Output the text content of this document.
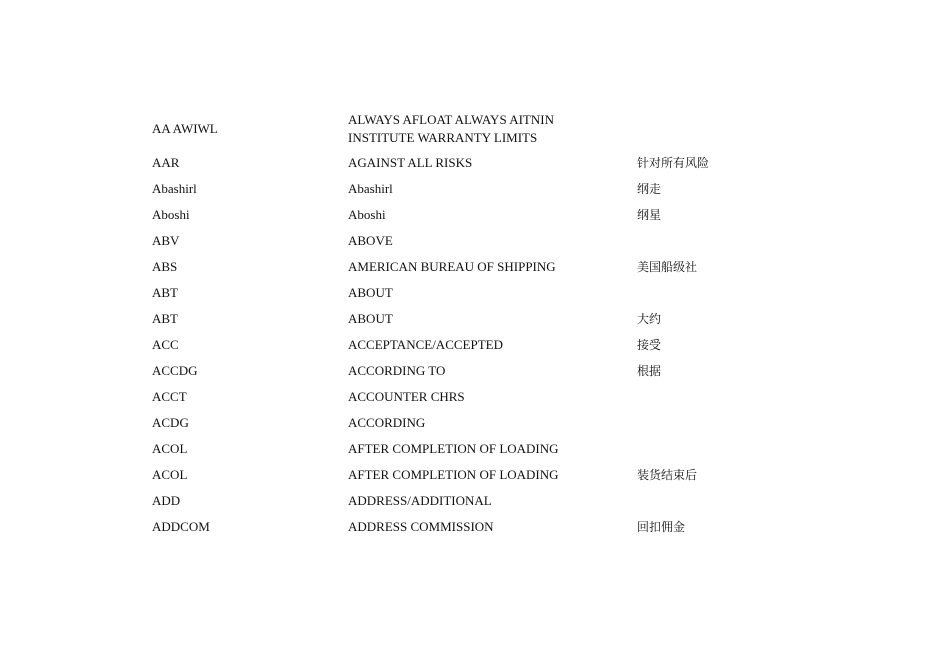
AA AWIWL	ALWAYS AFLOAT ALWAYS AITNIN INSTITUTE WARRANTY LIMITS	

AAR	AGAINST ALL RISKS	针对所有风险
Abashirl	Abashirl	纲走
Aboshi	Aboshi	纲星
ABV	ABOVE	
ABS	AMERICAN BUREAU OF SHIPPING	美国船级社
ABT	ABOUT	
ABT	ABOUT	大约
ACC	ACCEPTANCE/ACCEPTED	接受
ACCDG	ACCORDING TO	根据
ACCT	ACCOUNTER CHRS	
ACDG	ACCORDING	
ACOL	AFTER COMPLETION OF LOADING	
ACOL	AFTER COMPLETION OF LOADING	装货结束后
ADD	ADDRESS/ADDITIONAL	
ADDCOM	ADDRESS COMMISSION	回扣佣金
